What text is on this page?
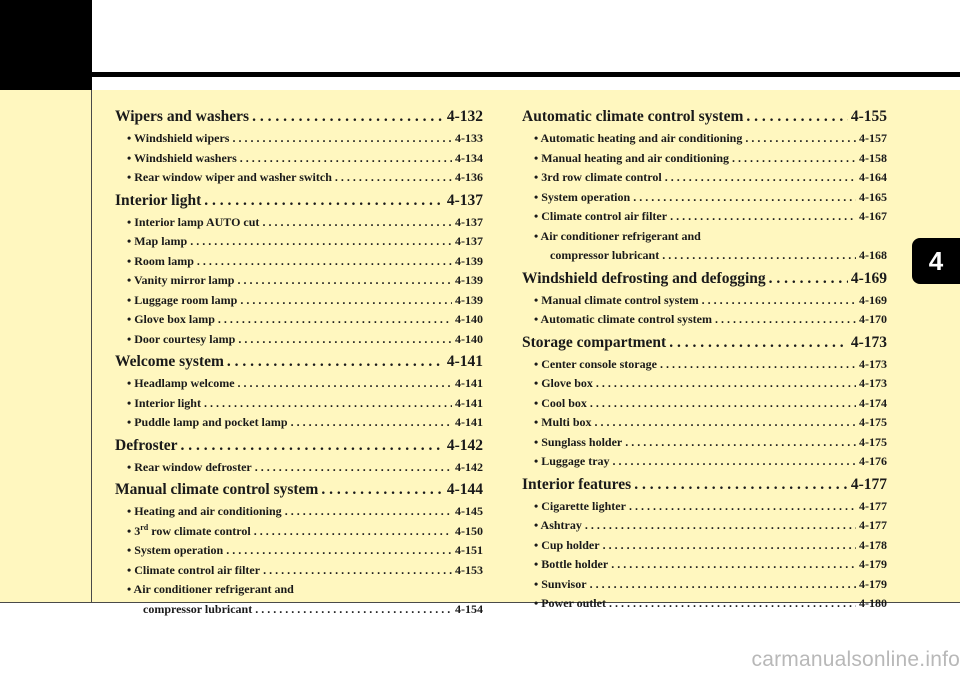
Wipers and washers . . .	4-132
• Windshield wipers . . .	4-133
• Windshield washers . . .	4-134
• Rear window wiper and washer switch . . .	4-136
Interior light . . .	4-137
• Interior lamp AUTO cut . . .	4-137
• Map lamp . . .	4-137
• Room lamp . . .	4-139
• Vanity mirror lamp . . .	4-139
• Luggage room lamp . . .	4-139
• Glove box lamp . . .	4-140
• Door courtesy lamp . . .	4-140
Welcome system . . .	4-141
• Headlamp welcome . . .	4-141
• Interior light . . .	4-141
• Puddle lamp and pocket lamp . . .	4-141
Defroster . . .	4-142
• Rear window defroster . . .	4-142
Manual climate control system . . .	4-144
• Heating and air conditioning . . .	4-145
• 3rd row climate control . . .	4-150
• System operation . . .	4-151
• Climate control air filter . . .	4-153
• Air conditioner refrigerant and
compressor lubricant . . .	4-154
Automatic climate control system . . .	4-155
• Automatic heating and air conditioning . . .	4-157
• Manual heating and air conditioning . . .	4-158
• 3rd row climate control . . .	4-164
• System operation . . .	4-165
• Climate control air filter . . .	4-167
• Air conditioner refrigerant and
compressor lubricant . . .	4-168
Windshield defrosting and defogging . . .	4-169
• Manual climate control system . . .	4-169
• Automatic climate control system . . .	4-170
Storage compartment . . .	4-173
• Center console storage . . .	4-173
• Glove box . . .	4-173
• Cool box . . .	4-174
• Multi box . . .	4-175
• Sunglass holder . . .	4-175
• Luggage tray . . .	4-176
Interior features . . .	4-177
• Cigarette lighter . . .	4-177
• Ashtray . . .	4-177
• Cup holder . . .	4-178
• Bottle holder . . .	4-179
• Sunvisor . . .	4-179
• Power outlet . . .	4-180
4
carmanualsonline.info
